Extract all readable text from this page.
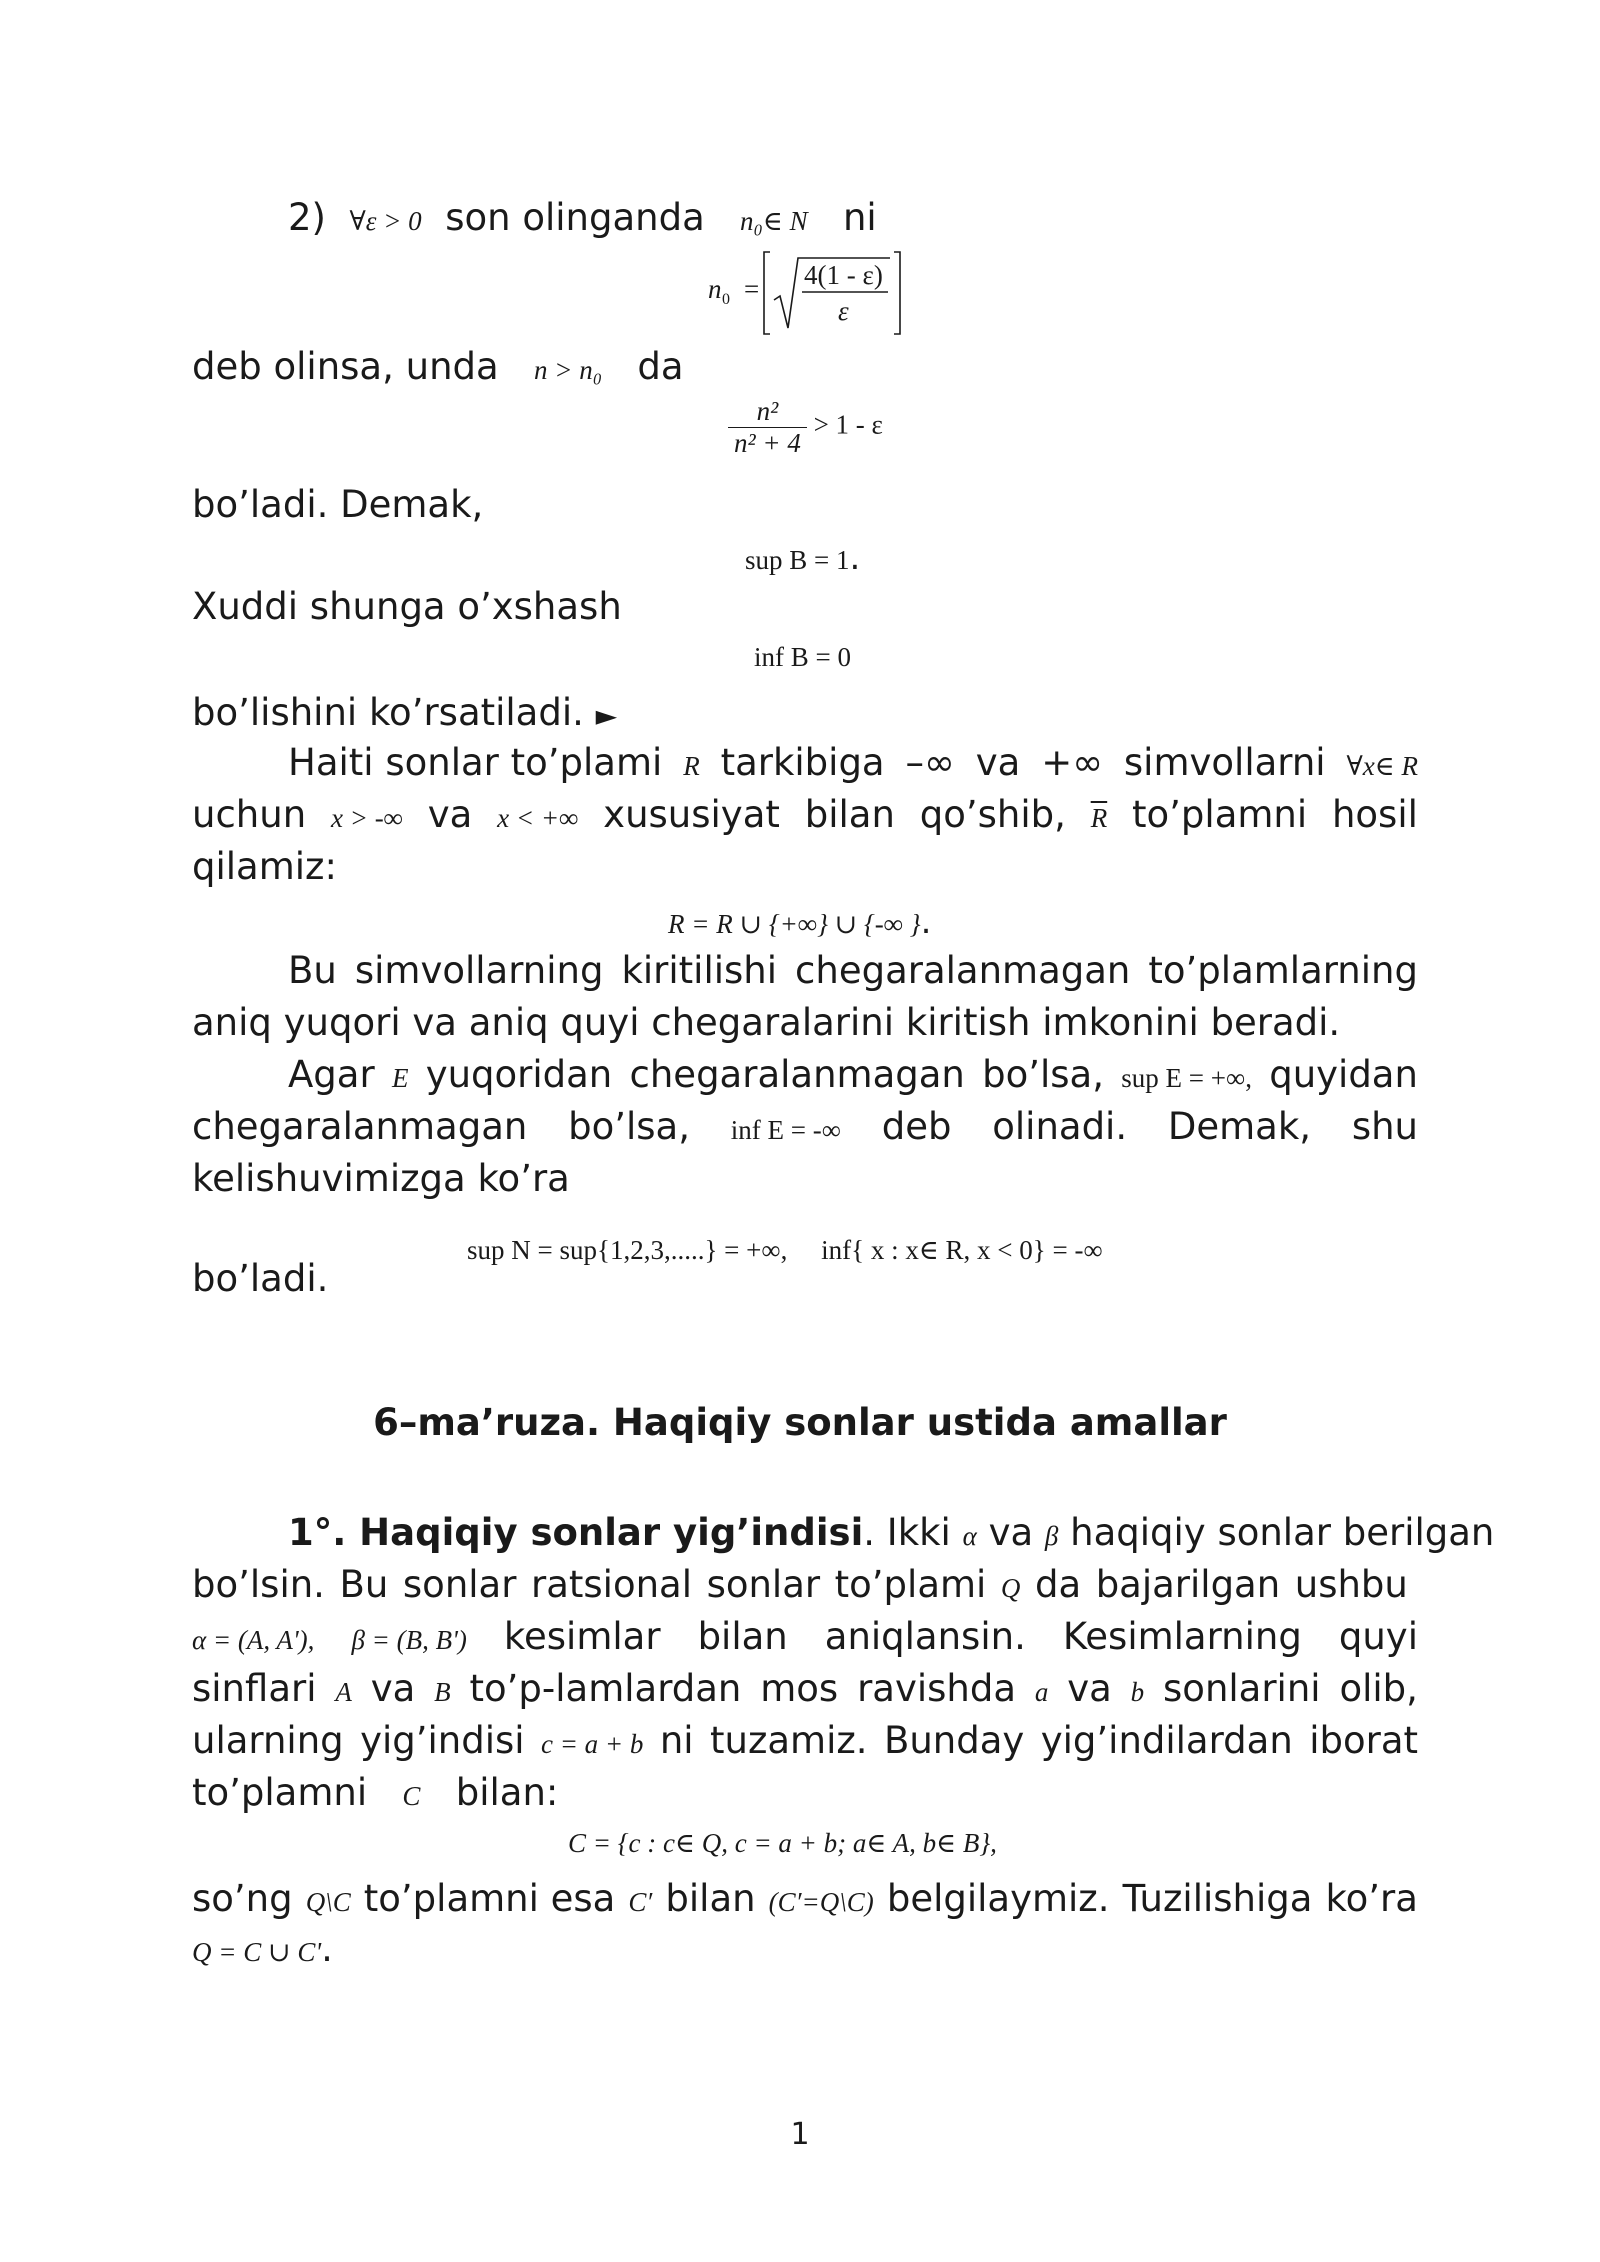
2) ∀ε > 0 son olinganda n₀∈ N ni
n 0 = 4(1 - ε)
ε
deb olinsa, unda n > n₀ da
$\frac{\text{n²}}{\text{n² + 4}} > 1 - \varepsilon$
bo’ladi. Demak,
sup B = 1.
Xuddi shunga o’xshash
inf B = 0
bo’lishini ko’rsatiladi. ►
Haiti sonlar to’plami R tarkibiga –∞ va +∞ simvollarni ∀x∈ R
uchun x > -∞ va x < +∞ xususiyat bilan qo’shib, $\overline{R}$ to’plamni hosil
qilamiz:
R = R ∪ {+∞} ∪ {-∞ }.
Bu simvollarning kiritilishi chegaralanmagan to’plamlarning
aniq yuqori va aniq quyi chegaralarini kiritish imkonini beradi.
Agar E yuqoridan chegaralanmagan bo’lsa, sup E = +∞, quyidan
chegaralanmagan bo’lsa, inf E = -∞ deb olinadi. Demak, shu
kelishuvimizga ko’ra

sup N = sup{1,2,3,.....} = +∞,     inf{ x : x∈ R, x < 0} = -∞

bo’ladi.
6–ma’ruza. Haqiqiy sonlar ustida amallar
1°. Haqiqiy sonlar yig’indisi. Ikki α va β haqiqiy sonlar berilgan
bo’lsin. Bu sonlar ratsional sonlar to’plami Q da bajarilgan ushbu
α = (A, A'), β = (B, B') kesimlar bilan aniqlansin. Kesimlarning quyi
sinflari A va B to’p-lamlardan mos ravishda a va b sonlarini olib,
ularning yig’indisi c = a + b ni tuzamiz. Bunday yig’indilardan iborat
to’plamni C bilan:
C = {c : c∈ Q, c = a + b; a∈ A, b∈ B},
so’ng Q\C to’plamni esa C′ bilan (C′=Q\C) belgilaymiz. Tuzilishiga ko’ra
Q = C ∪ C'.
1
